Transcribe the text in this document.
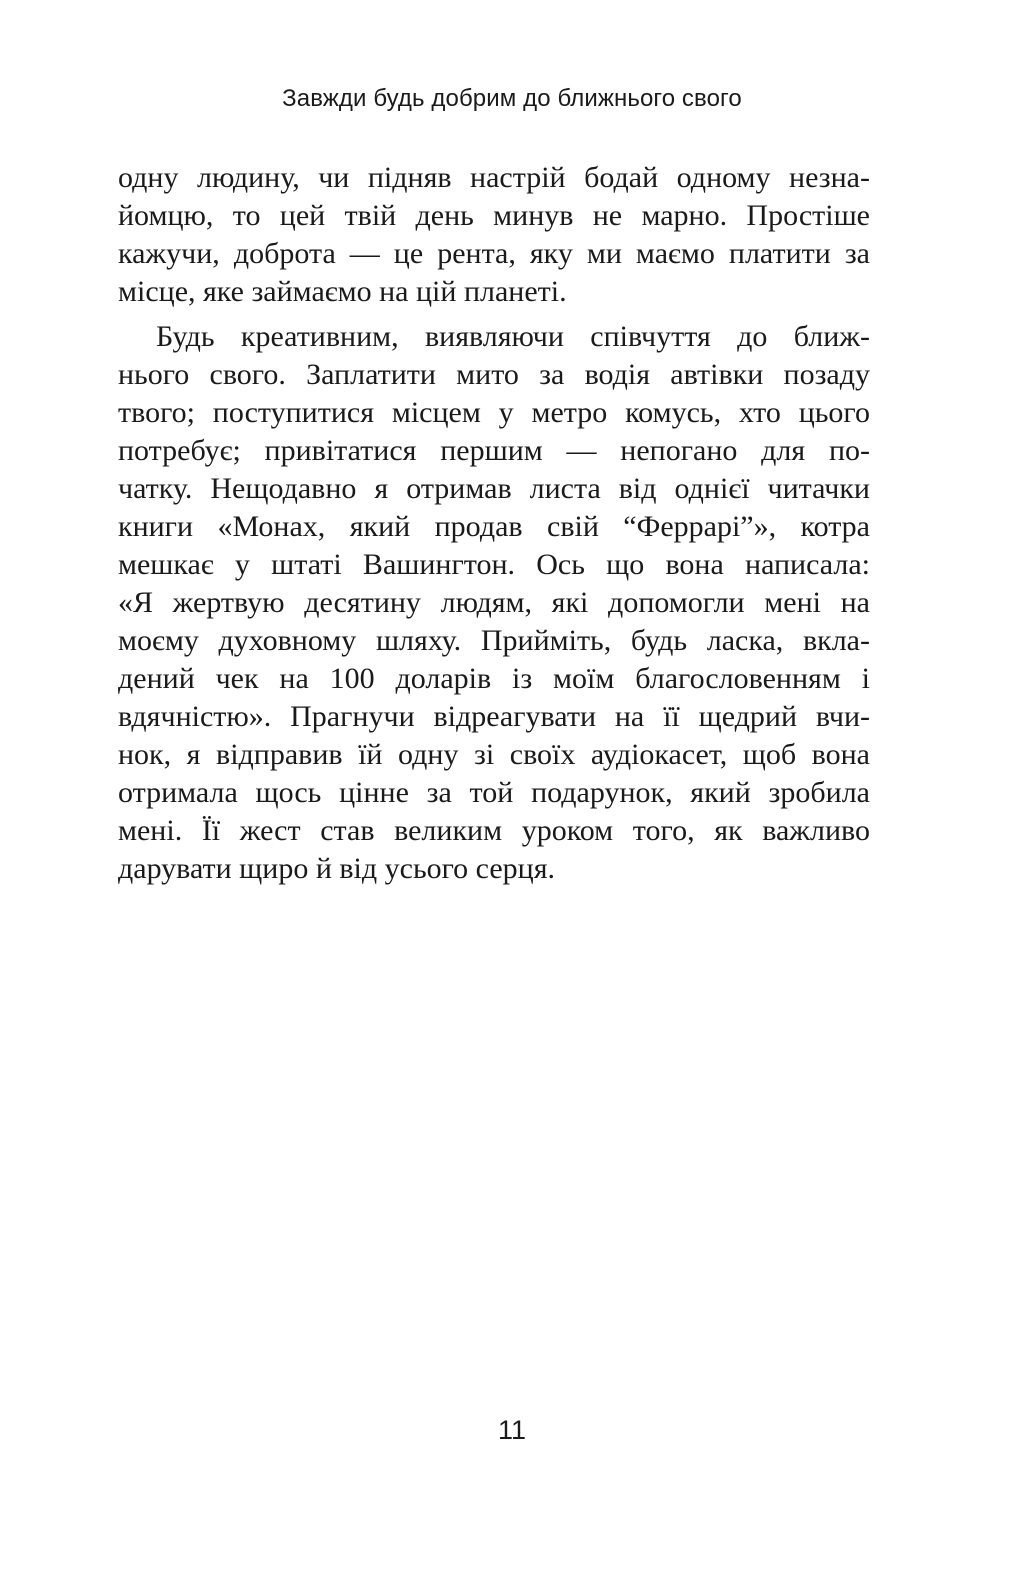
Завжди будь добрим до ближнього свого
одну людину, чи підняв настрій бодай одному незна-
йомцю, то цей твій день минув не марно. Простіше
кажучи, доброта — це рента, яку ми маємо платити за
місце, яке займаємо на цій планеті.
Будь креативним, виявляючи співчуття до ближ-
нього свого. Заплатити мито за водія автівки позаду
твого; поступитися місцем у метро комусь, хто цього
потребує; привітатися першим — непогано для по-
чатку. Нещодавно я отримав листа від однієї читачки
книги «Монах, який продав свій “Феррарі”», котра
мешкає у штаті Вашингтон. Ось що вона написала:
«Я жертвую десятину людям, які допомогли мені на
моєму духовному шляху. Прийміть, будь ласка, вкла-
дений чек на 100 доларів із моїм благословенням і
вдячністю». Прагнучи відреагувати на її щедрий вчи-
нок, я відправив їй одну зі своїх аудіокасет, щоб вона
отримала щось цінне за той подарунок, який зробила
мені. Її жест став великим уроком того, як важливо
дарувати щиро й від усього серця.
11
